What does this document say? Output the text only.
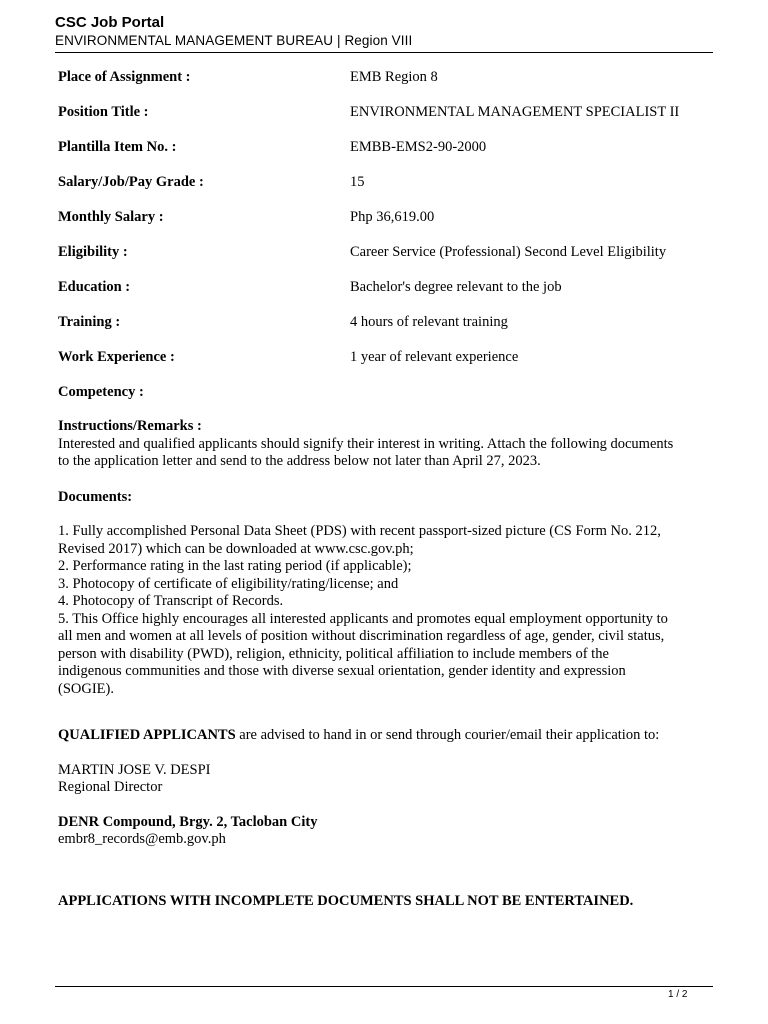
CSC Job Portal
ENVIRONMENTAL MANAGEMENT BUREAU | Region VIII
Place of Assignment :	EMB Region 8
Position Title :	ENVIRONMENTAL MANAGEMENT SPECIALIST II
Plantilla Item No. :	EMBB-EMS2-90-2000
Salary/Job/Pay Grade :	15
Monthly Salary :	Php 36,619.00
Eligibility :	Career Service (Professional) Second Level Eligibility
Education :	Bachelor's degree relevant to the job
Training :	4 hours of relevant training
Work Experience :	1 year of relevant experience
Competency :
Instructions/Remarks :
Interested and qualified applicants should signify their interest in writing. Attach the following documents
to the application letter and send to the address below not later than April 27, 2023.
Documents:
1. Fully accomplished Personal Data Sheet (PDS) with recent passport-sized picture (CS Form No. 212,
Revised 2017) which can be downloaded at www.csc.gov.ph;
2. Performance rating in the last rating period (if applicable);
3. Photocopy of certificate of eligibility/rating/license; and
4. Photocopy of Transcript of Records.
5. This Office highly encourages all interested applicants and promotes equal employment opportunity to
all men and women at all levels of position without discrimination regardless of age, gender, civil status,
person with disability (PWD), religion, ethnicity, political affiliation to include members of the
indigenous communities and those with diverse sexual orientation, gender identity and expression
(SOGIE).
QUALIFIED APPLICANTS are advised to hand in or send through courier/email their application to:
MARTIN JOSE V. DESPI
Regional Director
DENR Compound, Brgy. 2, Tacloban City
embr8_records@emb.gov.ph
APPLICATIONS WITH INCOMPLETE DOCUMENTS SHALL NOT BE ENTERTAINED.
1 / 2
